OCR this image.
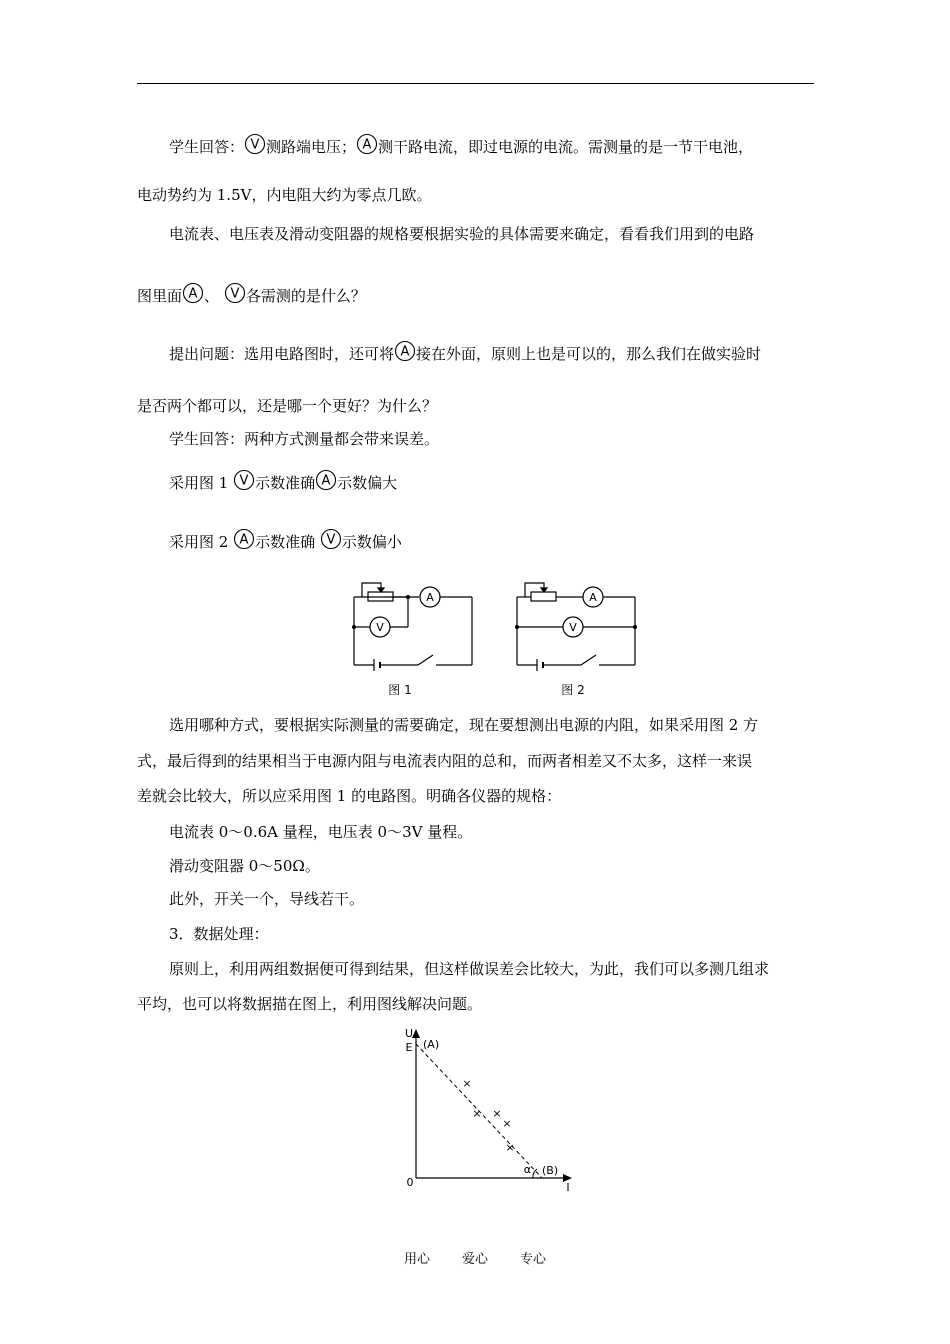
学生回答： V 测路端电压； A 测干路电流，即过电源的电流。需测量的是一节干电池，
电动势约为 1.5V，内电阻大约为零点几欧。
电流表、电压表及滑动变阻器的规格要根据实验的具体需要来确定，看看我们用到的电路
图里面 A 、 V 各需测的是什么？
提出问题：选用电路图时，还可将 A 接在外面，原则上也是可以的，那么我们在做实验时
是否两个都可以，还是哪一个更好？为什么？
学生回答：两种方式测量都会带来误差。
采用图 1 V 示数准确 A 示数偏大
采用图 2 A 示数准确 V 示数偏小
A
V
图 1
A
V
图 2
选用哪种方式，要根据实际测量的需要确定，现在要想测出电源的内阻，如果采用图 2 方
式，最后得到的结果相当于电源内阻与电流表内阻的总和，而两者相差又不太多，这样一来误
差就会比较大，所以应采用图 1 的电路图。明确各仪器的规格：
电流表 0～0.6A 量程，电压表 0～3V 量程。
滑动变阻器 0～50Ω。
此外，开关一个，导线若干。
3．数据处理：
原则上，利用两组数据便可得到结果，但这样做误差会比较大，为此，我们可以多测几组求
平均，也可以将数据描在图上，利用图线解决问题。
U
E (A)
(B)
α
0	I
×
× ×
×
×
用心 爱心 专心
